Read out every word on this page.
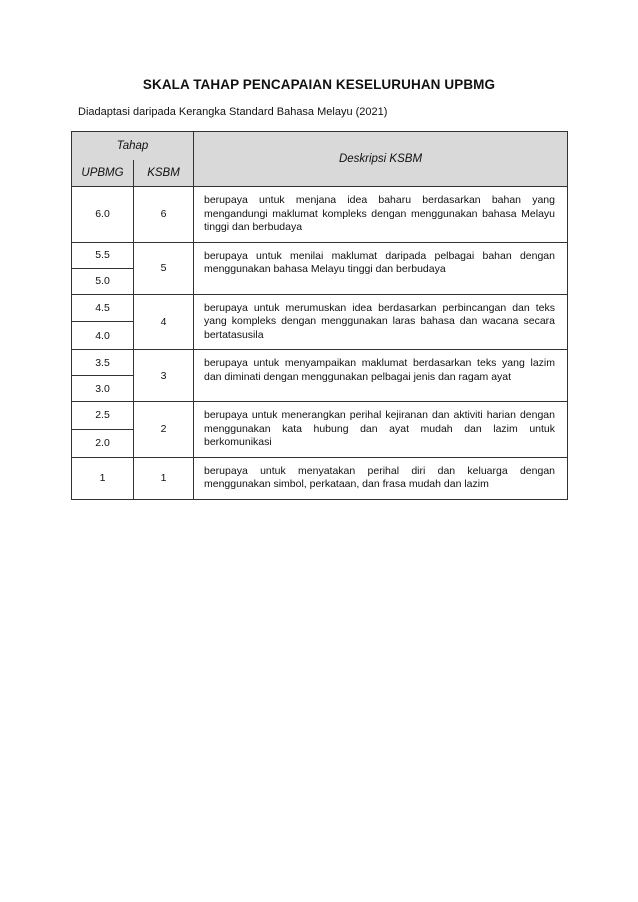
SKALA TAHAP PENCAPAIAN KESELURUHAN UPBMG
Diadaptasi daripada Kerangka Standard Bahasa Melayu (2021)
Tahap		Deskripsi KSBM
UPBMG	KSBM	
6.0	6	berupaya untuk menjana idea baharu berdasarkan bahan yang mengandungi maklumat kompleks dengan menggunakan bahasa Melayu tinggi dan berbudaya
5.5	5	berupaya untuk menilai maklumat daripada pelbagai bahan dengan menggunakan bahasa Melayu tinggi dan berbudaya
5.0		
4.5	4	berupaya untuk merumuskan idea berdasarkan perbincangan dan teks yang kompleks dengan menggunakan laras bahasa dan wacana secara bertatasusila
4.0		
3.5	3	berupaya untuk menyampaikan maklumat berdasarkan teks yang lazim dan diminati dengan menggunakan pelbagai jenis dan ragam ayat
3.0		
2.5	2	berupaya untuk menerangkan perihal kejiranan dan aktiviti harian dengan menggunakan kata hubung dan ayat mudah dan lazim untuk berkomunikasi
2.0		
1	1	berupaya untuk menyatakan perihal diri dan keluarga dengan menggunakan simbol, perkataan, dan frasa mudah dan lazim
